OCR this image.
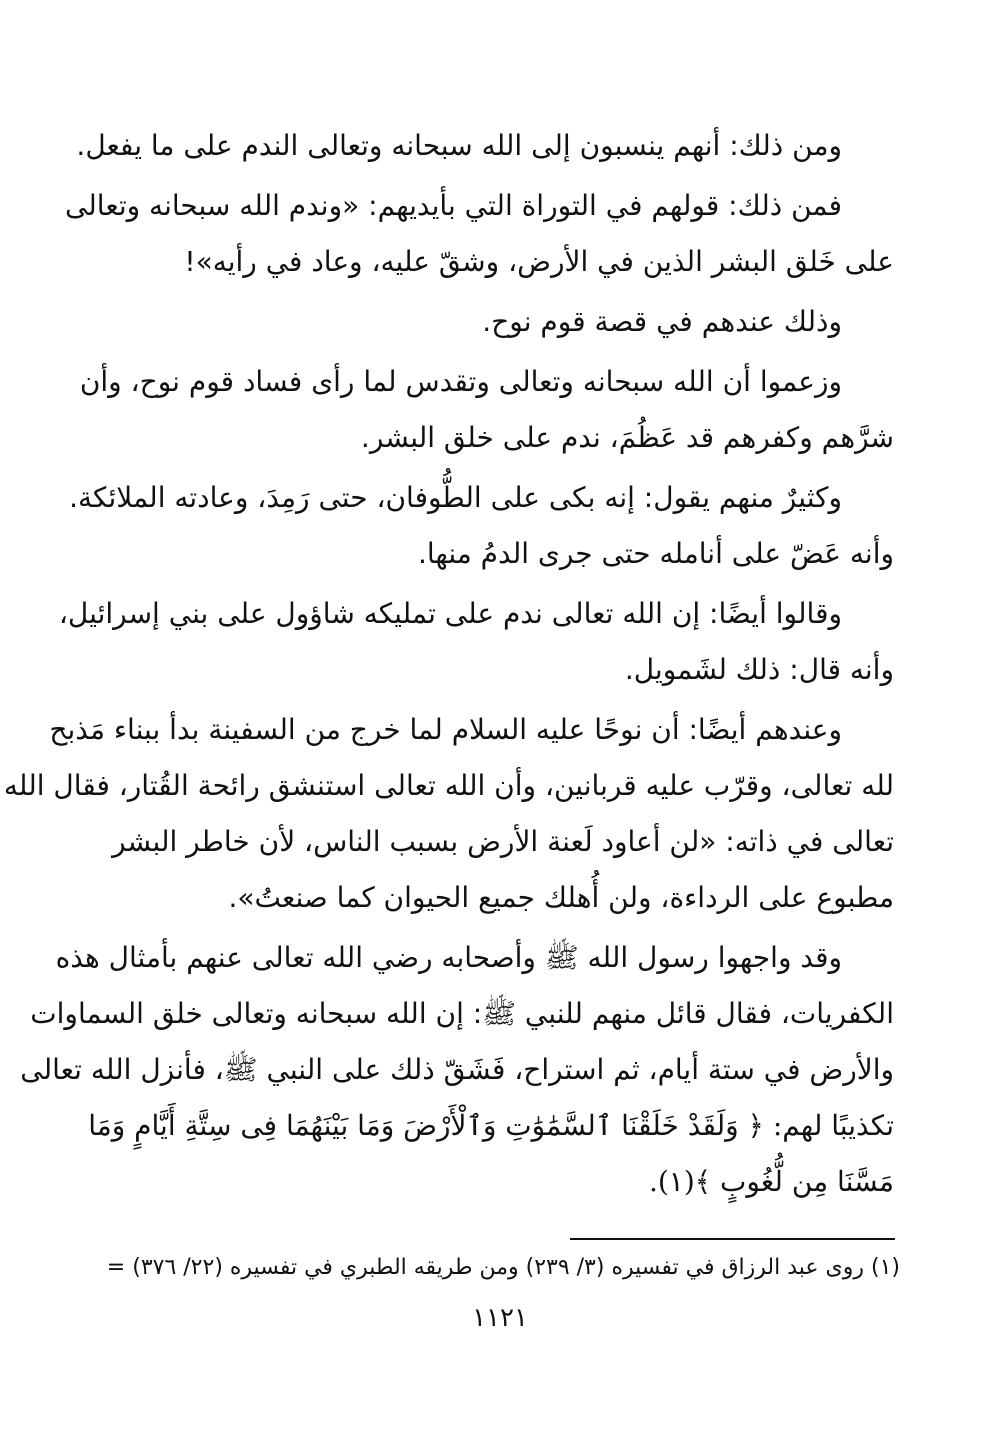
ومن ذلك: أنهم ينسبون إلى الله سبحانه وتعالى الندم على ما يفعل.

فمن ذلك: قولهم في التوراة التي بأيديهم: «وندم الله سبحانه وتعالى
على خَلق البشر الذين في الأرض، وشقّ عليه، وعاد في رأيه»!

وذلك عندهم في قصة قوم نوح.

وزعموا أن الله سبحانه وتعالى وتقدس لما رأى فساد قوم نوح، وأن
شرَّهم وكفرهم قد عَظُمَ، ندم على خلق البشر.

وكثيرٌ منهم يقول: إنه بكى على الطُّوفان، حتى رَمِدَ، وعادته الملائكة.
وأنه عَضّ على أنامله حتى جرى الدمُ منها.

وقالوا أيضًا: إن الله تعالى ندم على تمليكه شاؤول على بني إسرائيل،
وأنه قال: ذلك لشَمويل.

وعندهم أيضًا: أن نوحًا عليه السلام لما خرج من السفينة بدأ ببناء مَذبح
لله تعالى، وقرّب عليه قربانين، وأن الله تعالى استنشق رائحة القُتار، فقال الله
تعالى في ذاته: «لن أعاود لَعنة الأرض بسبب الناس، لأن خاطر البشر
مطبوع على الرداءة، ولن أُهلك جميع الحيوان كما صنعتُ».

وقد واجهوا رسول الله ﷺ وأصحابه رضي الله تعالى عنهم بأمثال هذه
الكفريات، فقال قائل منهم للنبي ﷺ: إن الله سبحانه وتعالى خلق السماوات
والأرض في ستة أيام، ثم استراح، فَشَقّ ذلك على النبي ﷺ، فأنزل الله تعالى
تكذيبًا لهم: ﴿ وَلَقَدْ خَلَقْنَا ٱلسَّمَٰوَٰتِ وَٱلْأَرْضَ وَمَا بَيْنَهُمَا فِى سِتَّةِ أَيَّامٍ وَمَا
مَسَّنَا مِن لُّغُوبٍ ﴾(١).

(١) روى عبد الرزاق في تفسيره (٣/ ٢٣٩) ومن طريقه الطبري في تفسيره (٢٢/ ٣٧٦) =
١١٢١
